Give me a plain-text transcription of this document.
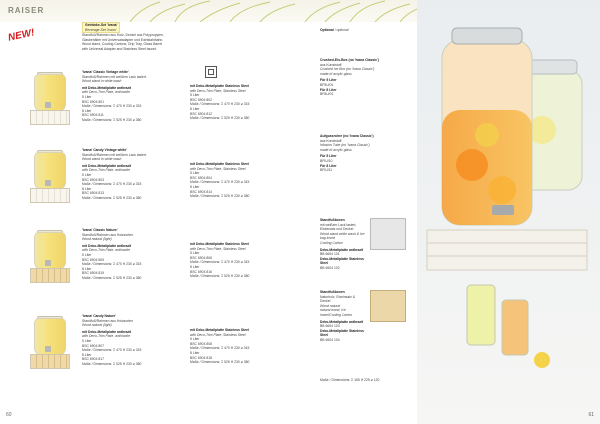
RAISER
NEW!
Getränke-Set 'Ivana'
Beverage-Set 'Ivana'
Standfuß/Rahmen aus Holz, Deckel aus Polypropylen,
Glasbehälter mit Universaladapter und Edelstahlhahn.
Wood stand, Cooling Cartons, Drip Tray, Glass Barrel
with Universal Adapter and Stainless Steel faucet.
'Ivana' Classic Vintage white'
Standfuß/Rahmen mit weißem Lack lasiert.
Wood stand in white wash
mit Deko-Metallplatte anthrazit
with Deco-Trim Plate, anthracite
5 Liter
BSC 6904 801
Maße / Dimensions: Σ 470 H 230 ⌀ 315
8 Liter
BSC 6904 811
Maße / Dimensions: Σ 525 H 230 ⌀ 380
mit Deko-Metallplatte Stainless Steel
with Deco-Trim Plate, Stainless Steel
5 Liter
BSC 6904 802
Maße / Dimensions: Σ 470 H 230 ⌀ 315
8 Liter
BSC 6904 812
Maße / Dimensions: Σ 525 H 230 ⌀ 380
'Ivana' Candy Vintage white'
Standfuß/Rahmen mit weißem Lack lasiert.
Wood stand in white wash
mit Deko-Metallplatte anthrazit
with Deco-Trim Plate, anthracite
5 Liter
BSC 6904 803
Maße / Dimensions: Σ 470 H 230 ⌀ 315
8 Liter
BSC 6904 813
Maße / Dimensions: Σ 525 H 230 ⌀ 380
mit Deko-Metallplatte Stainless Steel
with Deco-Trim Plate, Stainless Steel
5 Liter
BSC 6904 804
Maße / Dimensions: Σ 470 H 230 ⌀ 315
8 Liter
BSC 6904 814
Maße / Dimensions: Σ 525 H 230 ⌀ 380
'Ivana' Classic Nature'
Standfuß/Rahmen aus Holzsorten
Wood natural (light)
mit Deko-Metallplatte anthrazit
with Deco-Trim Plate, anthracite
5 Liter
BSC 6904 805
Maße / Dimensions: Σ 470 H 230 ⌀ 315
8 Liter
BSC 6904 815
Maße / Dimensions: Σ 525 H 230 ⌀ 380
mit Deko-Metallplatte Stainless Steel
with Deco-Trim Plate, Stainless Steel
5 Liter
BSC 6904 806
Maße / Dimensions: Σ 470 H 230 ⌀ 315
8 Liter
BSC 6904 816
Maße / Dimensions: Σ 525 H 230 ⌀ 380
'Ivana' Candy Nature'
Standfuß/Rahmen aus Holzsorten
Wood natural (light)
mit Deko-Metallplatte anthrazit
with Deco-Trim Plate, anthracite
5 Liter
BSC 6904 807
Maße / Dimensions: Σ 470 H 230 ⌀ 315
8 Liter
BSC 6904 817
Maße / Dimensions: Σ 525 H 230 ⌀ 380
mit Deko-Metallplatte Stainless Steel
with Deco-Trim Plate, Stainless Steel
5 Liter
BSC 6904 808
Maße / Dimensions: Σ 470 H 230 ⌀ 315
8 Liter
BSC 6904 818
Maße / Dimensions: Σ 525 H 230 ⌀ 380
60
Optional / optional
Crushed-Eis-Box (no 'Ivana Classic')
aus Kunststoff
Crushed Ice Box (no 'Ivana Classic')
made of acrylic glass
Für 5 Liter
BF5U/01
Für 8 Liter
BF8U/01
Aufgussrohre (no 'Ivana Classic')
aus Kunststoff
Infusion Tube (no 'Ivana Classic')
made of acrylic glass
Für 5 Liter
BFIU/10
Für 8 Liter
BFIU/11
Standfußboxen
mit weißem Lack lasiert, Eiseinsatz und Deckel
Wood stand white wash & Ice bag Insert
Cooling Carton
Deko-Metallplatte anthrazit
BB 6604 101
Deko-Metallplatte Stainless Steel
BB 6604 102
Standfußboxen
Naturholz, Eiseinsatz & Deckel
Wood natural
natural wood, Ice Insert/Cooling Carton
Deko-Metallplatte anthrazit
BB 6604 103
Deko-Metallplatte Stainless Steel
BB 6604 104
Maße / Dimensions: Σ 165 H 225 ⌀ 120
61
